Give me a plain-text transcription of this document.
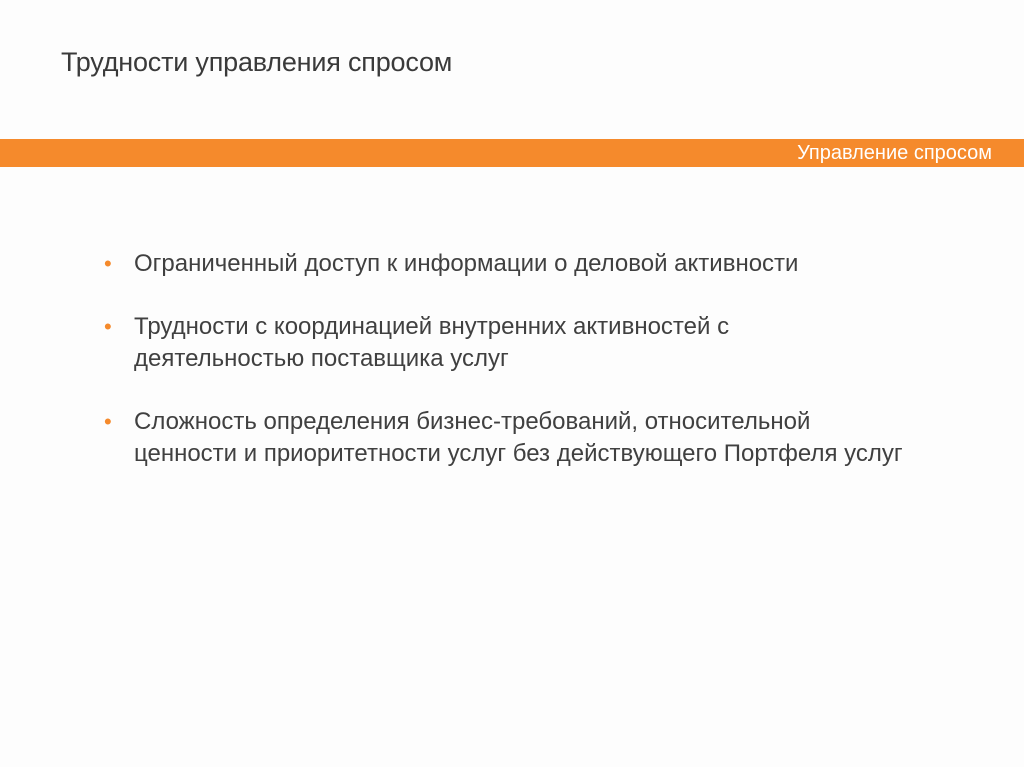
Трудности управления спросом
Управление спросом
• Ограниченный доступ к информации о деловой активности
• Трудности с координацией внутренних активностей с деятельностью поставщика услуг
• Сложность определения бизнес-требований, относительной ценности и приоритетности услуг без действующего Портфеля услуг
